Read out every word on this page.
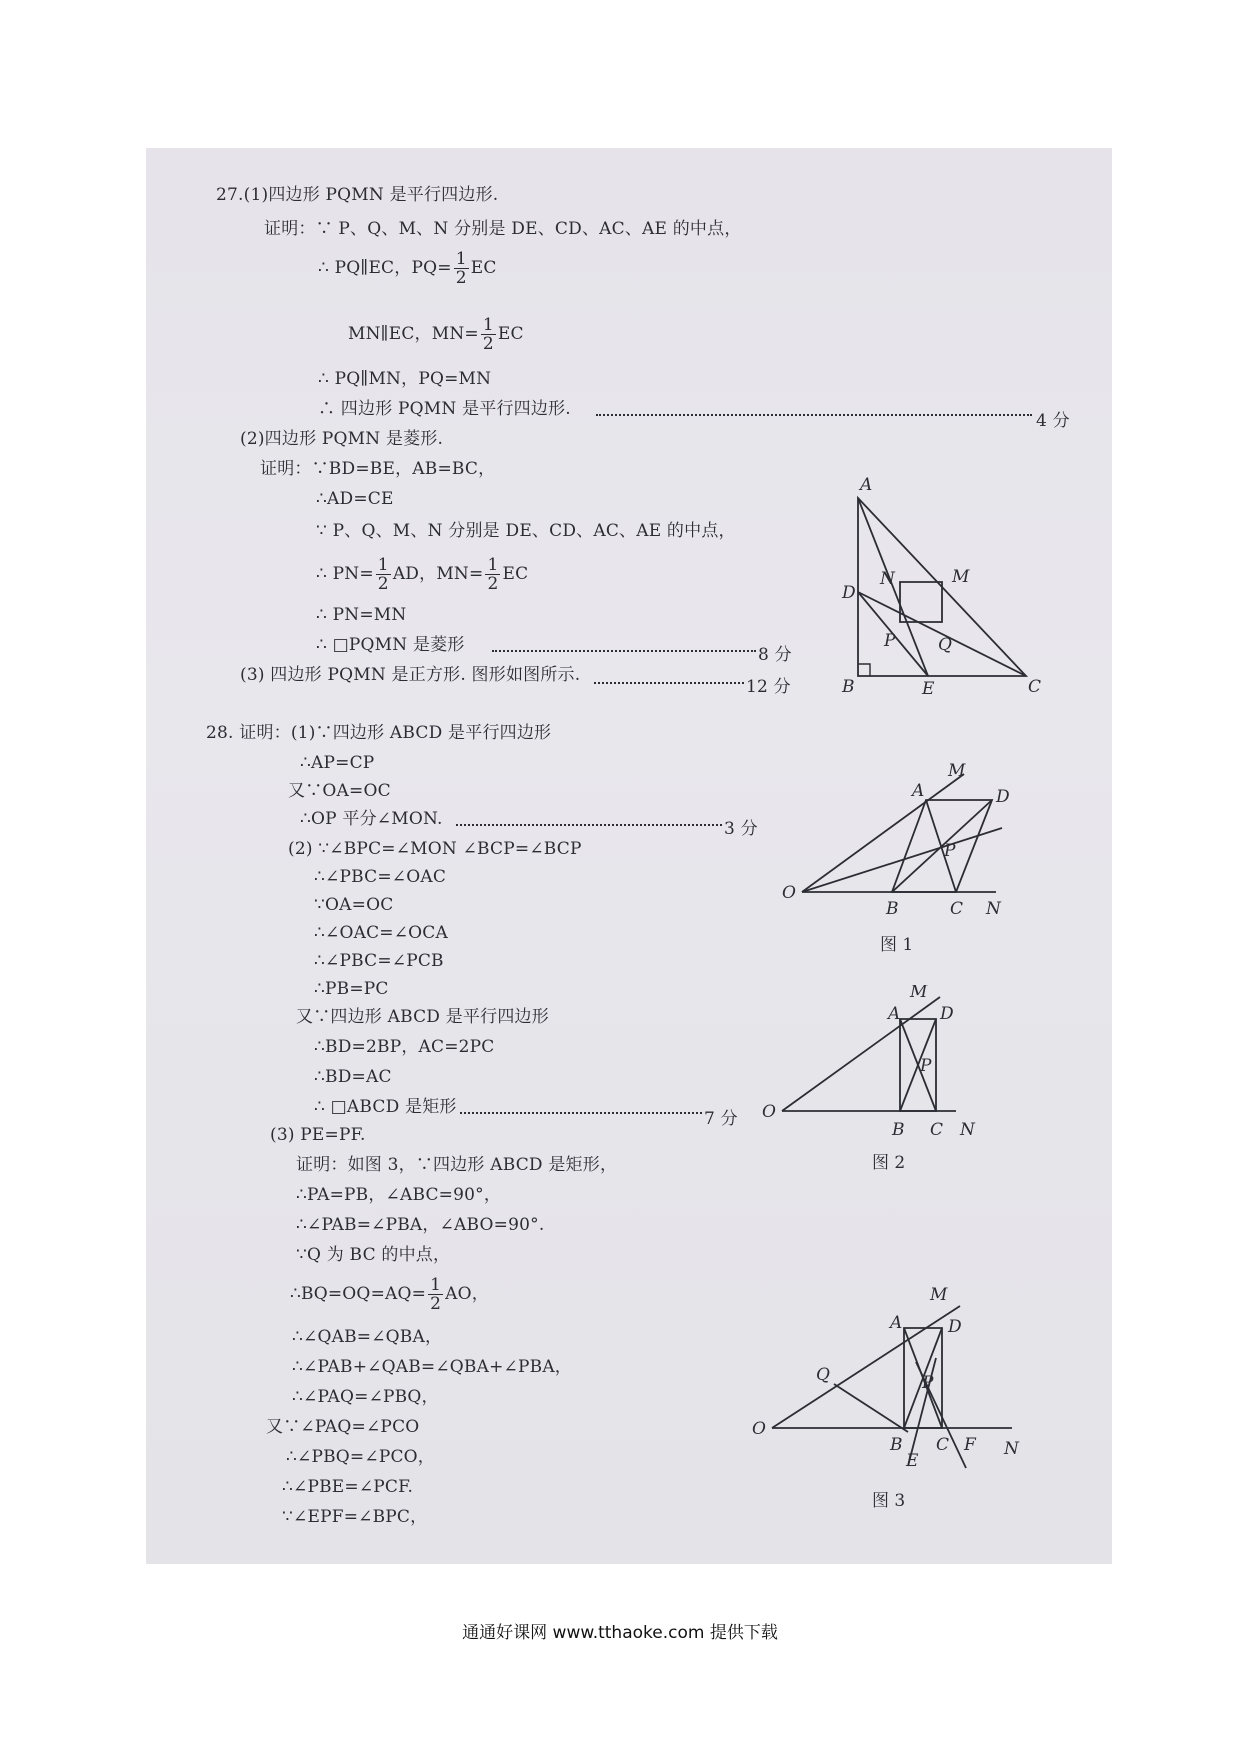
27.(1)四边形 PQMN 是平行四边形.
证明：∵ P、Q、M、N 分别是 DE、CD、AC、AE 的中点，
∴ PQ∥EC，$PQ= \frac{1}{2}$ EC
MN∥EC，$MN= \frac{1}{2}$ EC
∴ PQ∥MN，PQ=MN
∴ 四边形 PQMN 是平行四边形.
4 分
(2)四边形 PQMN 是菱形.
证明：∵BD=BE，AB=BC，
∴AD=CE
∵ P、Q、M、N 分别是 DE、CD、AC、AE 的中点，
∴ $PN= \frac{1}{2}$ AD，$MN= \frac{1}{2}$ EC
∴ PN=MN
∴ □PQMN 是菱形	8 分
(3) 四边形 PQMN 是正方形. 图形如图所示.
12 分
A
D
B	E	C
N	M
P	Q
28. 证明：(1)∵四边形 ABCD 是平行四边形
∴AP=CP
又∵OA=OC
∴OP 平分∠MON.	3 分
(2) ∵∠BPC=∠MON ∠BCP=∠BCP
∴∠PBC=∠OAC
∵OA=OC
∴∠OAC=∠OCA
∴∠PBC=∠PCB
∴PB=PC
又∵四边形 ABCD 是平行四边形
∴BD=2BP，AC=2PC
∴BD=AC
∴ □ABCD 是矩形
7 分
(3) PE=PF.
证明：如图 3，∵四边形 ABCD 是矩形，
∴PA=PB，∠ABC=90°，
∴∠PAB=∠PBA，∠ABO=90°.
∵Q 为 BC 的中点，
∴BQ=OQ=AQ= $\frac{1}{2}$ AO，
∴∠QAB=∠QBA，
∴∠PAB+∠QAB=∠QBA+∠PBA，
∴∠PAQ=∠PBQ，
又∵∠PAQ=∠PCO
∴∠PBQ=∠PCO，
∴∠PBE=∠PCF.
∵∠EPF=∠BPC，
O
A	D
M
P
B	C N
图 1
O
A D
M
P
B C N
图 2
O
Q
A	D
M
P
B
E
C F N
图 3
通通好课网 www.tthaoke.com 提供下载
